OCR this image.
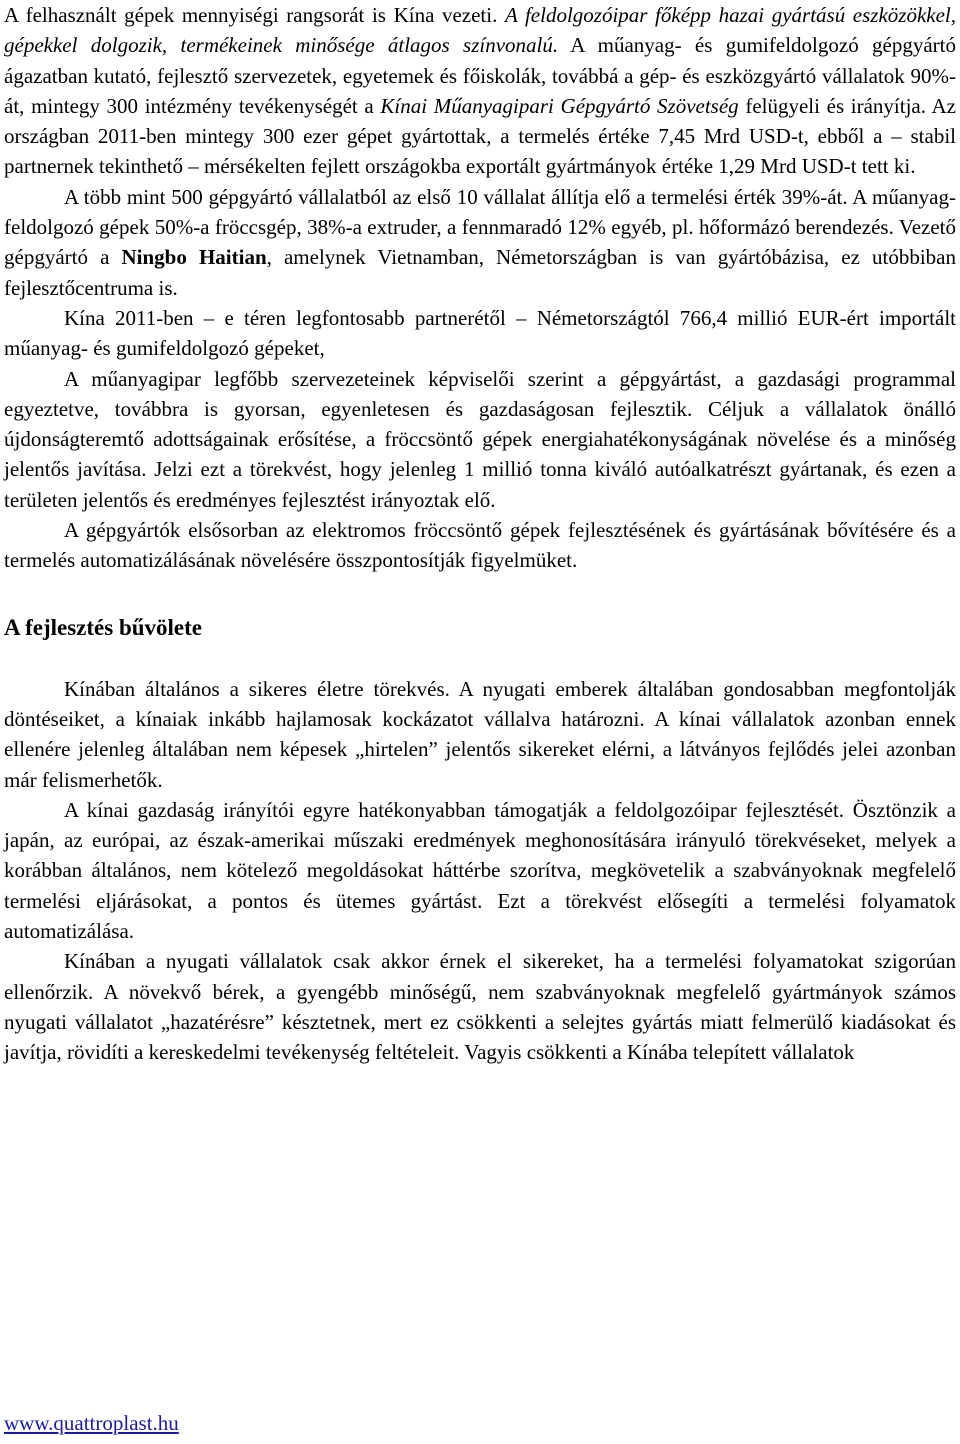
A felhasznált gépek mennyiségi rangsorát is Kína vezeti. A feldolgozóipar főképp hazai gyártású eszközökkel, gépekkel dolgozik, termékeinek minősége átlagos színvonalú. A műanyag- és gumifeldolgozó gépgyártó ágazatban kutató, fejlesztő szervezetek, egyetemek és főiskolák, továbbá a gép- és eszközgyártó vállalatok 90%-át, mintegy 300 intézmény tevékenységét a Kínai Műanyagipari Gépgyártó Szövetség felügyeli és irányítja. Az országban 2011-ben mintegy 300 ezer gépet gyártottak, a termelés értéke 7,45 Mrd USD-t, ebből a – stabil partnernek tekinthető – mérsékelten fejlett országokba exportált gyártmányok értéke 1,29 Mrd USD-t tett ki.

A több mint 500 gépgyártó vállalatból az első 10 vállalat állítja elő a termelési érték 39%-át. A műanyag-feldolgozó gépek 50%-a fröccsgép, 38%-a extruder, a fennmaradó 12% egyéb, pl. hőformázó berendezés. Vezető gépgyártó a Ningbo Haitian, amelynek Vietnamban, Németországban is van gyártóbázisa, ez utóbbiban fejlesztőcentruma is.

Kína 2011-ben – e téren legfontosabb partnerétől – Németországtól 766,4 millió EUR-ért importált műanyag- és gumifeldolgozó gépeket,

A műanyagipar legfőbb szervezeteinek képviselői szerint a gépgyártást, a gazdasági programmal egyeztetve, továbbra is gyorsan, egyenletesen és gazdaságosan fejlesztik. Céljuk a vállalatok önálló újdonságteremtő adottságainak erősítése, a fröccsöntő gépek energiahatékonyságának növelése és a minőség jelentős javítása. Jelzi ezt a törekvést, hogy jelenleg 1 millió tonna kiváló autóalkatrészt gyártanak, és ezen a területen jelentős és eredményes fejlesztést irányoztak elő.

A gépgyártók elsősorban az elektromos fröccsöntő gépek fejlesztésének és gyártásának bővítésére és a termelés automatizálásának növelésére összpontosítják figyelmüket.

A fejlesztés bűvölete

Kínában általános a sikeres életre törekvés. A nyugati emberek általában gondosabban megfontolják döntéseiket, a kínaiak inkább hajlamosak kockázatot vállalva határozni. A kínai vállalatok azonban ennek ellenére jelenleg általában nem képesek „hirtelen” jelentős sikereket elérni, a látványos fejlődés jelei azonban már felismerhetők.

A kínai gazdaság irányítói egyre hatékonyabban támogatják a feldolgozóipar fejlesztését. Ösztönzik a japán, az európai, az észak-amerikai műszaki eredmények meghonosítására irányuló törekvéseket, melyek a korábban általános, nem kötelező megoldásokat háttérbe szorítva, megkövetelik a szabványoknak megfelelő termelési eljárásokat, a pontos és ütemes gyártást. Ezt a törekvést elősegíti a termelési folyamatok automatizálása.

Kínában a nyugati vállalatok csak akkor érnek el sikereket, ha a termelési folyamatokat szigorúan ellenőrzik. A növekvő bérek, a gyengébb minőségű, nem szabványoknak megfelelő gyártmányok számos nyugati vállalatot „hazatérésre” késztetnek, mert ez csökkenti a selejtes gyártás miatt felmerülő kiadásokat és javítja, rövidíti a kereskedelmi tevékenység feltételeit. Vagyis csökkenti a Kínába telepített vállalatok

www.quattroplast.hu
